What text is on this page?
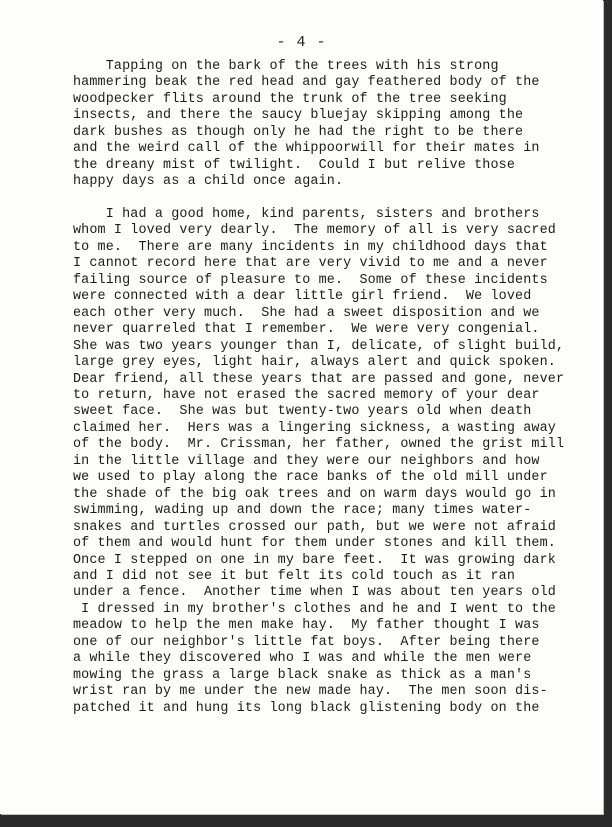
- 4 -

Tapping on the bark of the trees with his strong
hammering beak the red head and gay feathered body of the
woodpecker flits around the trunk of the tree seeking
insects, and there the saucy bluejay skipping among the
dark bushes as though only he had the right to be there
and the weird call of the whippoorwill for their mates in
the dreany mist of twilight.  Could I but relive those
happy days as a child once again.

I had a good home, kind parents, sisters and brothers
whom I loved very dearly.  The memory of all is very sacred
to me.  There are many incidents in my childhood days that
I cannot record here that are very vivid to me and a never
failing source of pleasure to me.  Some of these incidents
were connected with a dear little girl friend.  We loved
each other very much.  She had a sweet disposition and we
never quarreled that I remember.  We were very congenial.
She was two years younger than I, delicate, of slight build,
large grey eyes, light hair, always alert and quick spoken.
Dear friend, all these years that are passed and gone, never
to return, have not erased the sacred memory of your dear
sweet face.  She was but twenty-two years old when death
claimed her.  Hers was a lingering sickness, a wasting away
of the body.  Mr. Crissman, her father, owned the grist mill
in the little village and they were our neighbors and how
we used to play along the race banks of the old mill under
the shade of the big oak trees and on warm days would go in
swimming, wading up and down the race; many times water-
snakes and turtles crossed our path, but we were not afraid
of them and would hunt for them under stones and kill them.
Once I stepped on one in my bare feet.  It was growing dark
and I did not see it but felt its cold touch as it ran
under a fence.  Another time when I was about ten years old
I dressed in my brother's clothes and he and I went to the
meadow to help the men make hay.  My father thought I was
one of our neighbor's little fat boys.  After being there
a while they discovered who I was and while the men were
mowing the grass a large black snake as thick as a man's
wrist ran by me under the new made hay.  The men soon dis-
patched it and hung its long black glistening body on the
